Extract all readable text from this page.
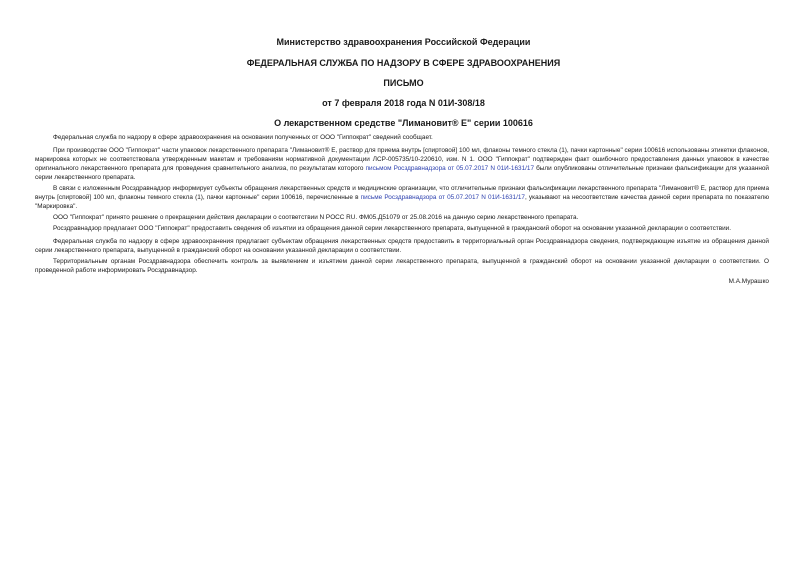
Министерство здравоохранения Российской Федерации
ФЕДЕРАЛЬНАЯ СЛУЖБА ПО НАДЗОРУ В СФЕРЕ ЗДРАВООХРАНЕНИЯ
ПИСЬМО
от 7 февраля 2018 года N 01И-308/18
О лекарственном средстве "Лимановит® Е" серии 100616

Федеральная служба по надзору в сфере здравоохранения на основании полученных от ООО "Гиппократ" сведений сообщает.

При производстве ООО "Гиппократ" части упаковок лекарственного препарата "Лимановит® Е, раствор для приема внутрь [спиртовой] 100 мл, флаконы темного стекла (1), пачки картонные" серии 100616 использованы этикетки флаконов, маркировка которых не соответствовала утвержденным макетам и требованиям нормативной документации ЛСР-005735/10-220610, изм. N 1. ООО "Гиппократ" подтвержден факт ошибочного предоставления данных упаковок в качестве оригинального лекарственного препарата для проведения сравнительного анализа, по результатам которого письмом Росздравнадзора от 05.07.2017 N 01И-1631/17 были опубликованы отличительные признаки фальсификации для указанной серии лекарственного препарата.

В связи с изложенным Росздравнадзор информирует субъекты обращения лекарственных средств и медицинские организации, что отличительные признаки фальсификации лекарственного препарата "Лимановит® Е, раствор для приема внутрь [спиртовой] 100 мл, флаконы темного стекла (1), пачки картонные" серии 100616, перечисленные в письме Росздравнадзора от 05.07.2017 N 01И-1631/17, указывают на несоответствие качества данной серии препарата по показателю "Маркировка".

ООО "Гиппократ" принято решение о прекращении действия декларации о соответствии N POCC RU. ФМ05.Д51079 от 25.08.2016 на данную серию лекарственного препарата.

Росздравнадзор предлагает ООО "Гиппократ" предоставить сведения об изъятии из обращения данной серии лекарственного препарата, выпущенной в гражданский оборот на основании указанной декларации о соответствии.

Федеральная служба по надзору в сфере здравоохранения предлагает субъектам обращения лекарственных средств предоставить в территориальный орган Росздравнадзора сведения, подтверждающие изъятие из обращения данной серии лекарственного препарата, выпущенной в гражданский оборот на основании указанной декларации о соответствии.

Территориальным органам Росздравнадзора обеспечить контроль за выявлением и изъятием данной серии лекарственного препарата, выпущенной в гражданский оборот на основании указанной декларации о соответствии. О проведенной работе информировать Росздравнадзор.

М.А.Мурашко
